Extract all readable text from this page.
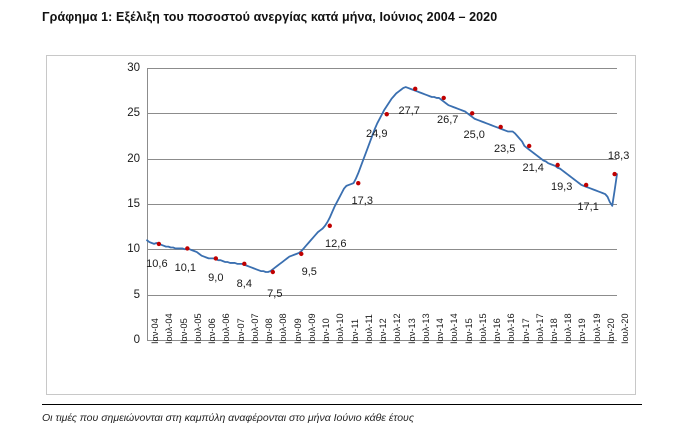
Γράφημα 1: Εξέλιξη του ποσοστού ανεργίας κατά μήνα, Ιούνιος 2004 – 2020
0
5
10
15
20
25
30
Ιαν-04 Ιουλ-04 Ιαν-05 Ιουλ-05 Ιαν-06 Ιουλ-06 Ιαν-07 Ιουλ-07 Ιαν-08 Ιουλ-08 Ιαν-09 Ιουλ-09 Ιαν-10 Ιουλ-10 Ιαν-11 Ιουλ-11 Ιαν-12 Ιουλ-12 Ιαν-13 Ιουλ-13 Ιαν-14 Ιουλ-14 Ιαν-15 Ιουλ-15 Ιαν-16 Ιουλ-16 Ιαν-17 Ιουλ-17 Ιαν-18 Ιουλ-18 Ιαν-19 Ιουλ-19 Ιαν-20 Ιουλ-20
10,6 10,1
9,0 8,4
7,5
9,5
12,6
17,3
24,9
27,7
26,7
25,0
23,5
21,4
19,3
17,1
18,3
Οι τιμές που σημειώνονται στη καμπύλη αναφέρονται στο μήνα Ιούνιο κάθε έτους
